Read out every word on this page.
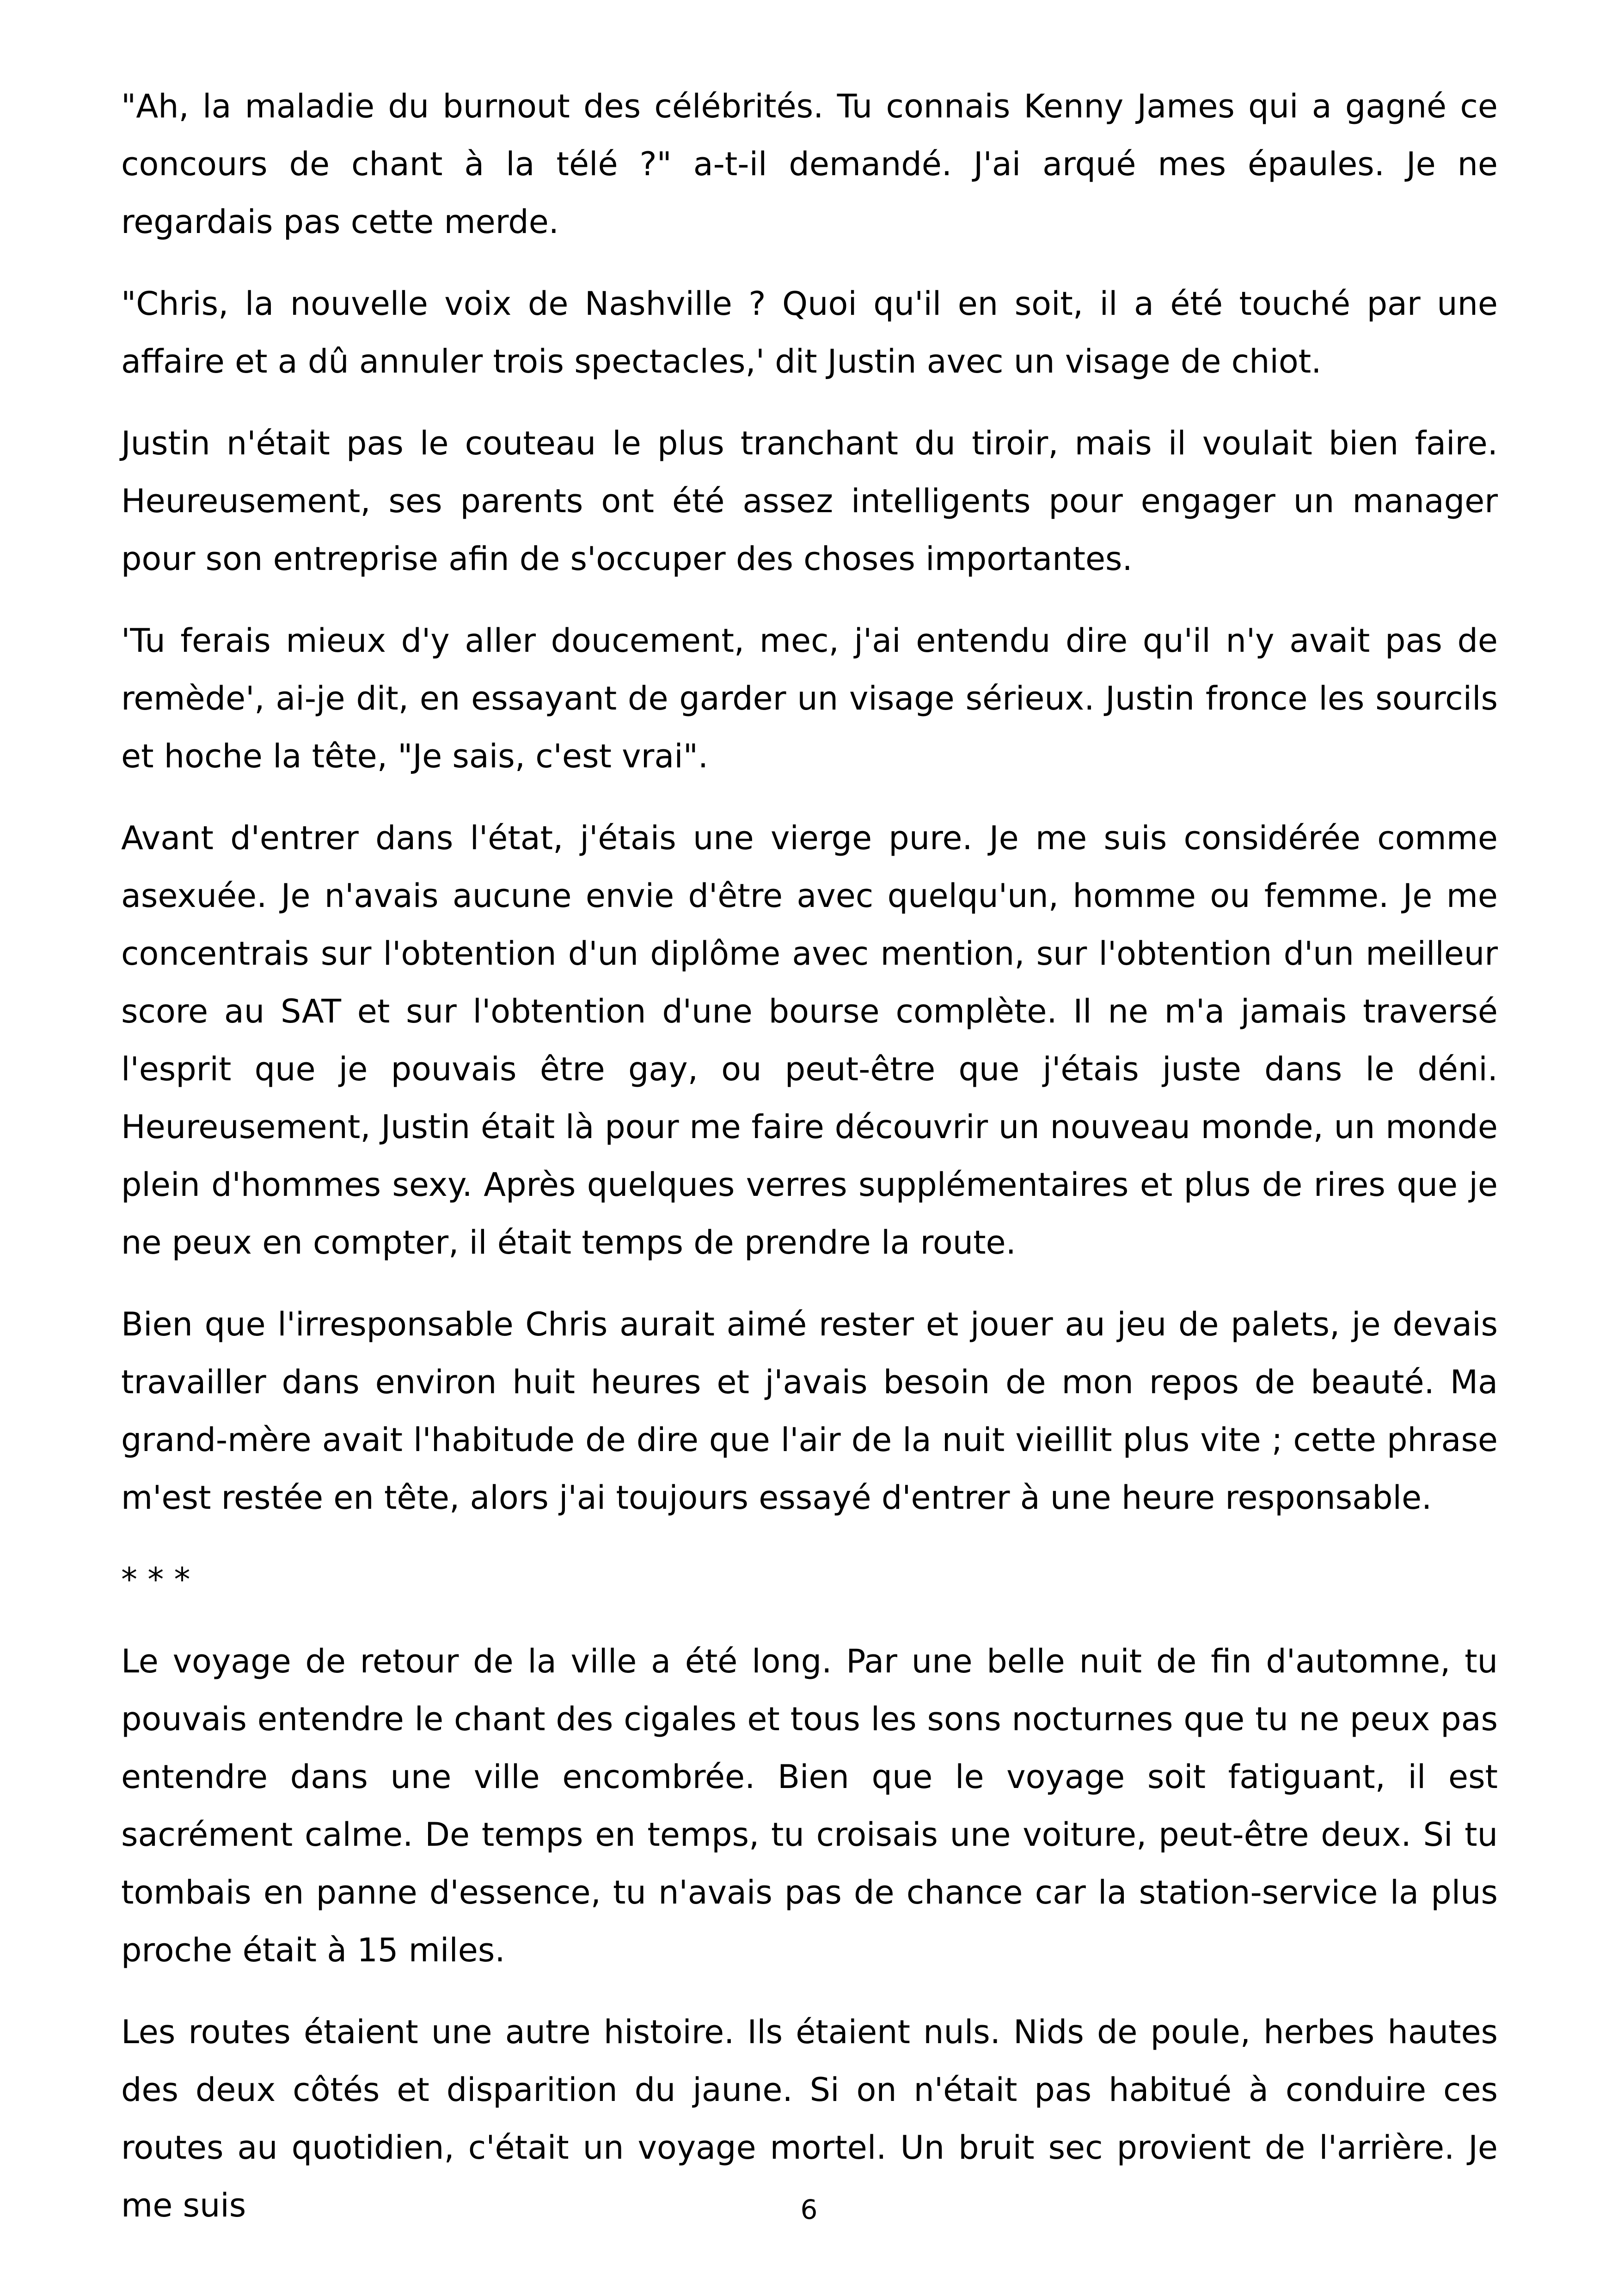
"Ah, la maladie du burnout des célébrités. Tu connais Kenny James qui a gagné ce concours de chant à la télé ?" a-t-il demandé. J'ai arqué mes épaules. Je ne regardais pas cette merde.

"Chris, la nouvelle voix de Nashville ? Quoi qu'il en soit, il a été touché par une affaire et a dû annuler trois spectacles,' dit Justin avec un visage de chiot.

Justin n'était pas le couteau le plus tranchant du tiroir, mais il voulait bien faire. Heureusement, ses parents ont été assez intelligents pour engager un manager pour son entreprise afin de s'occuper des choses importantes.

'Tu ferais mieux d'y aller doucement, mec, j'ai entendu dire qu'il n'y avait pas de remède', ai-je dit, en essayant de garder un visage sérieux. Justin fronce les sourcils et hoche la tête, "Je sais, c'est vrai".

Avant d'entrer dans l'état, j'étais une vierge pure. Je me suis considérée comme asexuée. Je n'avais aucune envie d'être avec quelqu'un, homme ou femme. Je me concentrais sur l'obtention d'un diplôme avec mention, sur l'obtention d'un meilleur score au SAT et sur l'obtention d'une bourse complète. Il ne m'a jamais traversé l'esprit que je pouvais être gay, ou peut-être que j'étais juste dans le déni. Heureusement, Justin était là pour me faire découvrir un nouveau monde, un monde plein d'hommes sexy. Après quelques verres supplémentaires et plus de rires que je ne peux en compter, il était temps de prendre la route.

Bien que l'irresponsable Chris aurait aimé rester et jouer au jeu de palets, je devais travailler dans environ huit heures et j'avais besoin de mon repos de beauté. Ma grand-mère avait l'habitude de dire que l'air de la nuit vieillit plus vite ; cette phrase m'est restée en tête, alors j'ai toujours essayé d'entrer à une heure responsable.

* * *

Le voyage de retour de la ville a été long. Par une belle nuit de fin d'automne, tu pouvais entendre le chant des cigales et tous les sons nocturnes que tu ne peux pas entendre dans une ville encombrée. Bien que le voyage soit fatiguant, il est sacrément calme. De temps en temps, tu croisais une voiture, peut-être deux. Si tu tombais en panne d'essence, tu n'avais pas de chance car la station-service la plus proche était à 15 miles.

Les routes étaient une autre histoire. Ils étaient nuls. Nids de poule, herbes hautes des deux côtés et disparition du jaune. Si on n'était pas habitué à conduire ces routes au quotidien, c'était un voyage mortel. Un bruit sec provient de l'arrière. Je me suis	6
